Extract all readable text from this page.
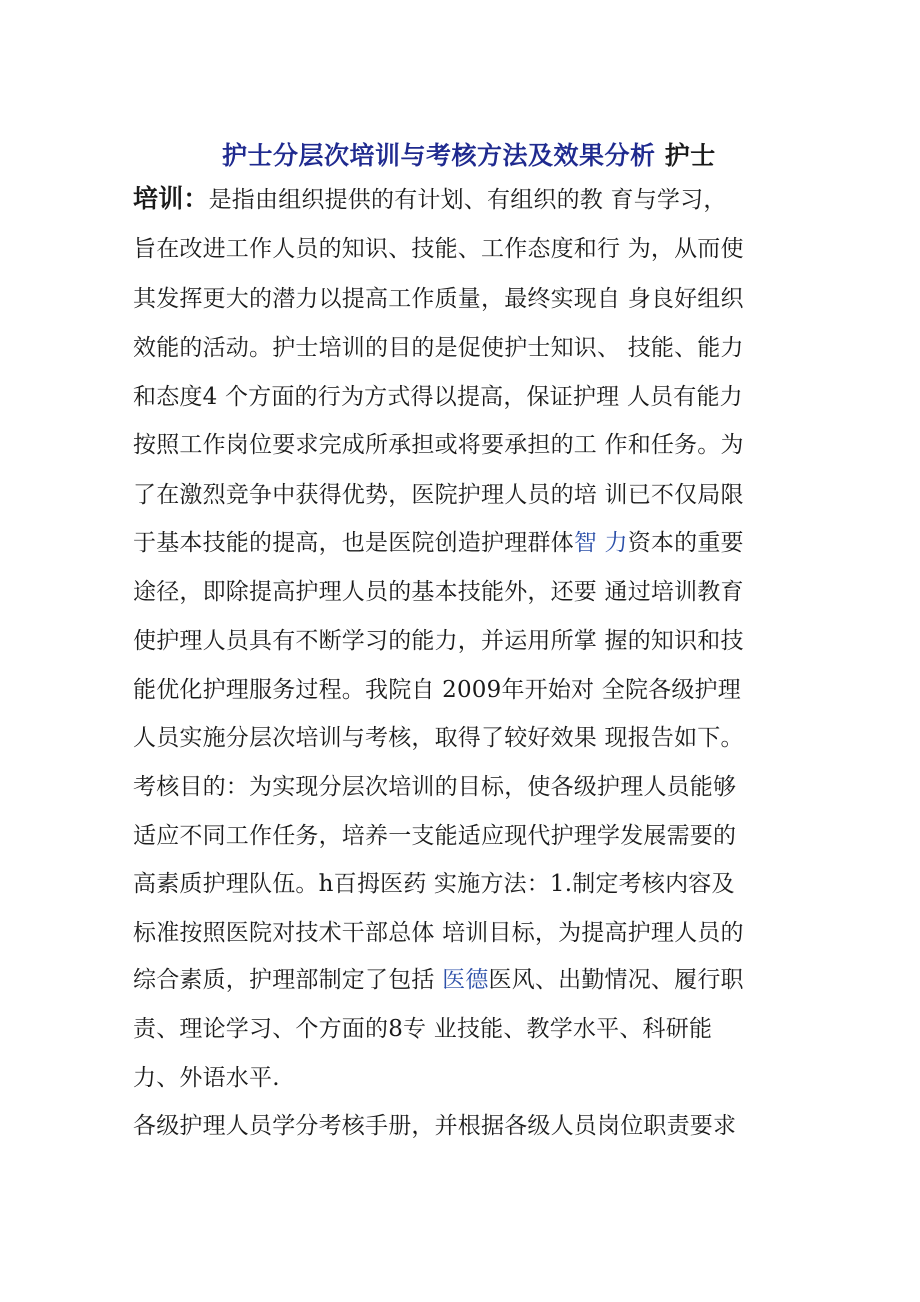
护士分层次培训与考核方法及效果分析 护士
培训：是指由组织提供的有计划、有组织的教 育与学习，
旨在改进工作人员的知识、技能、工作态度和行 为，从而使
其发挥更大的潜力以提高工作质量，最终实现自 身良好组织
效能的活动。护士培训的目的是促使护士知识、 技能、能力
和态度4 个方面的行为方式得以提高，保证护理 人员有能力
按照工作岗位要求完成所承担或将要承担的工 作和任务。为
了在激烈竞争中获得优势，医院护理人员的培 训已不仅局限
于基本技能的提高，也是医院创造护理群体智 力资本的重要
途径，即除提高护理人员的基本技能外，还要 通过培训教育
使护理人员具有不断学习的能力，并运用所掌 握的知识和技
能优化护理服务过程。我院自 2009年开始对 全院各级护理
人员实施分层次培训与考核，取得了较好效果 现报告如下。
考核目的：为实现分层次培训的目标，使各级护理人员能够
适应不同工作任务，培养一支能适应现代护理学发展需要的
高素质护理队伍。h百拇医药 实施方法：1.制定考核内容及
标准按照医院对技术干部总体 培训目标，为提高护理人员的
综合素质，护理部制定了包括 医德医风、出勤情况、履行职
责、理论学习、个方面的8专 业技能、教学水平、科研能
力、外语水平.
各级护理人员学分考核手册，并根据各级人员岗位职责要求
